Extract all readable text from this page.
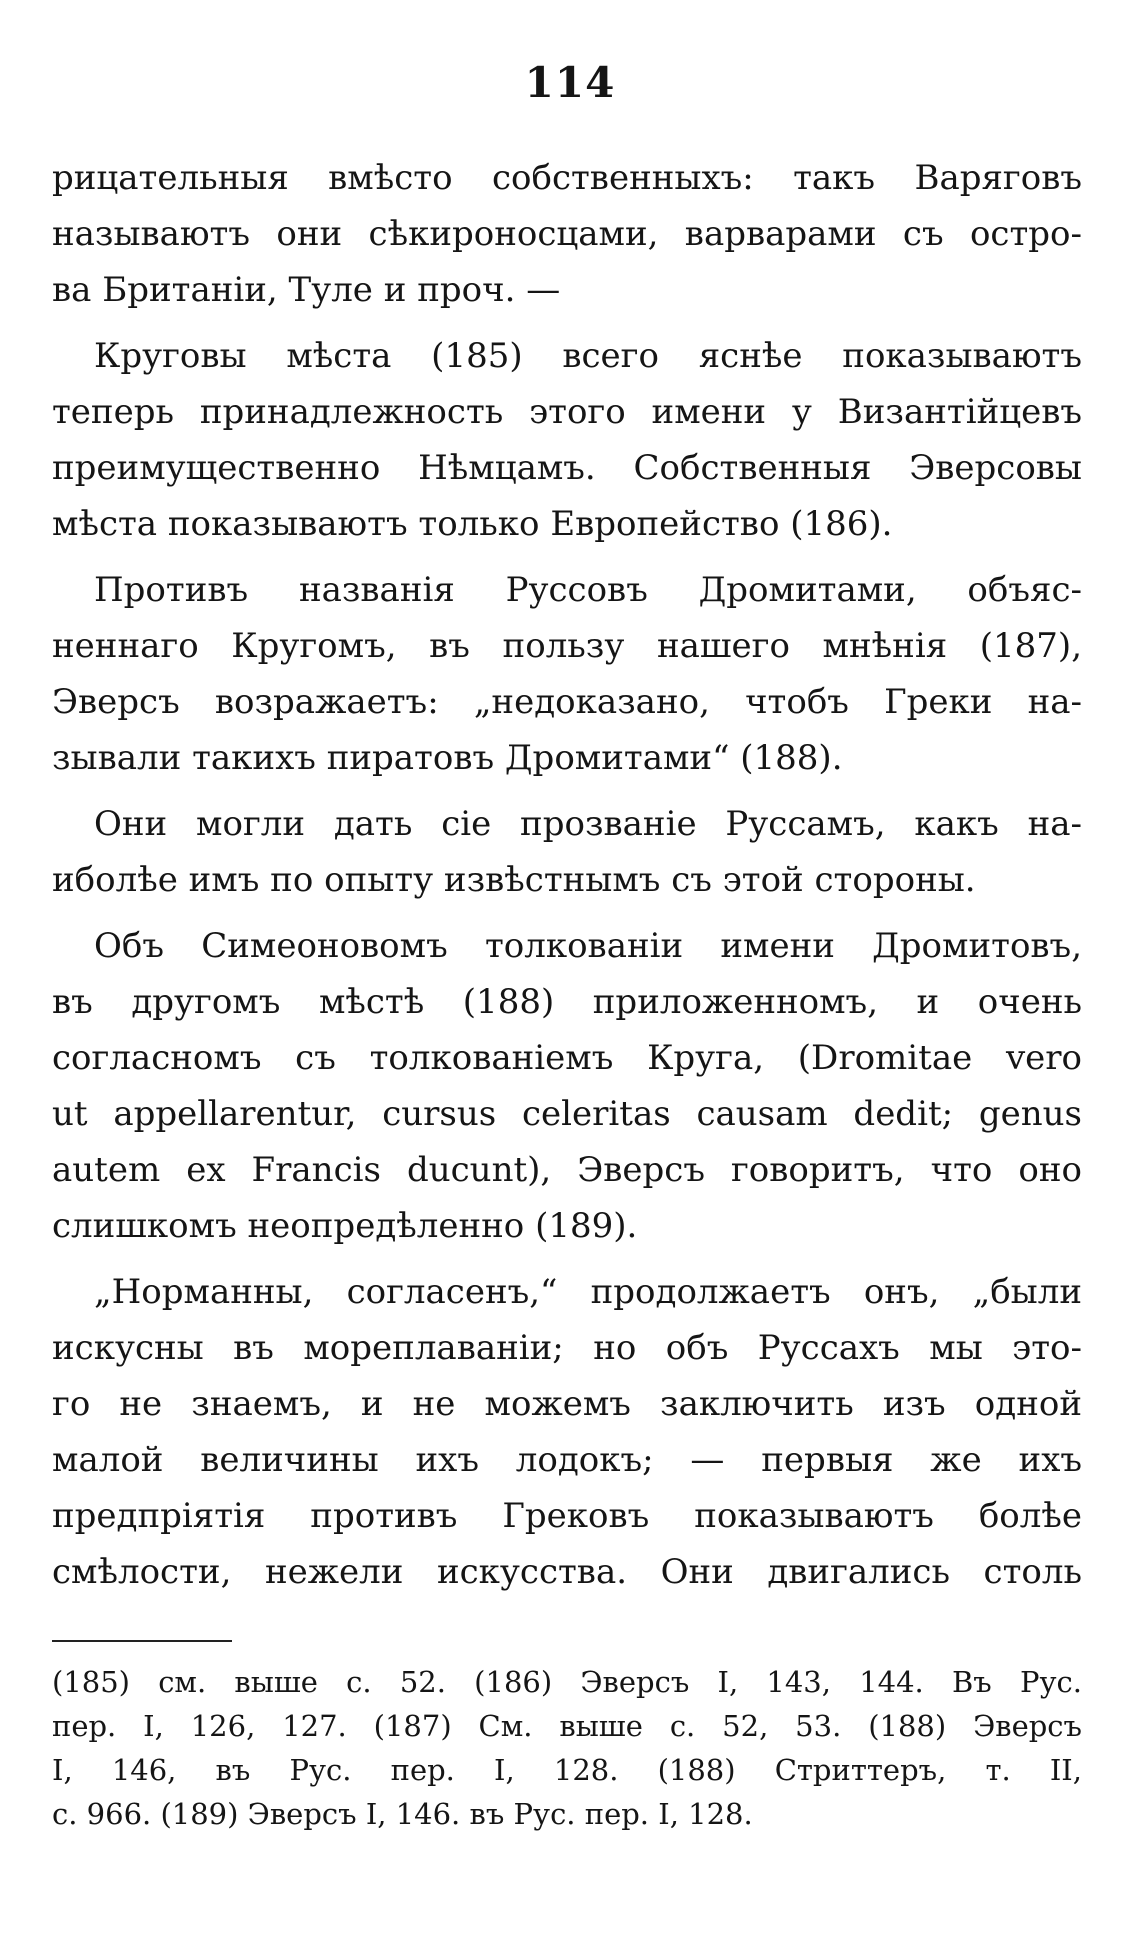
114
рицательныя вмѣсто собственныхъ: такъ Варяговъ
называютъ они сѣкироносцами, варварами съ остро-
ва Британіи, Туле и проч. —
Круговы мѣста (185) всего яснѣе показываютъ
теперь принадлежность этого имени у Византійцевъ
преимущественно Нѣмцамъ. Собственныя Эверсовы
мѣста показываютъ только Европейство (186).
Противъ названія Руссовъ Дромитами, объяс-
неннаго Кругомъ, въ пользу нашего мнѣнія (187),
Эверсъ возражаетъ: „недоказано, чтобъ Греки на-
зывали такихъ пиратовъ Дромитами“ (188).
Они могли дать сіе прозваніе Руссамъ, какъ на-
иболѣе имъ по опыту извѣстнымъ съ этой стороны.
Объ Симеоновомъ толкованіи имени Дромитовъ,
въ другомъ мѣстѣ (188) приложенномъ, и очень
согласномъ съ толкованіемъ Круга, (Dromitae vero
ut appellarentur, cursus celeritas causam dedit; genus
autem ex Francis ducunt), Эверсъ говоритъ, что оно
слишкомъ неопредѣленно (189).
„Норманны, согласенъ,“ продолжаетъ онъ, „были
искусны въ мореплаваніи; но объ Руссахъ мы это-
го не знаемъ, и не можемъ заключить изъ одной
малой величины ихъ лодокъ; — первыя же ихъ
предпріятія противъ Грековъ показываютъ болѣе
смѣлости, нежели искусства. Они двигались столь
(185) см. выше с. 52. (186) Эверсъ I, 143, 144. Въ Рус.
пер. I, 126, 127. (187) См. выше с. 52, 53. (188) Эверсъ
I, 146, въ Рус. пер. I, 128. (188) Стриттеръ, т. II,
с. 966. (189) Эверсъ I, 146. въ Рус. пер. I, 128.
